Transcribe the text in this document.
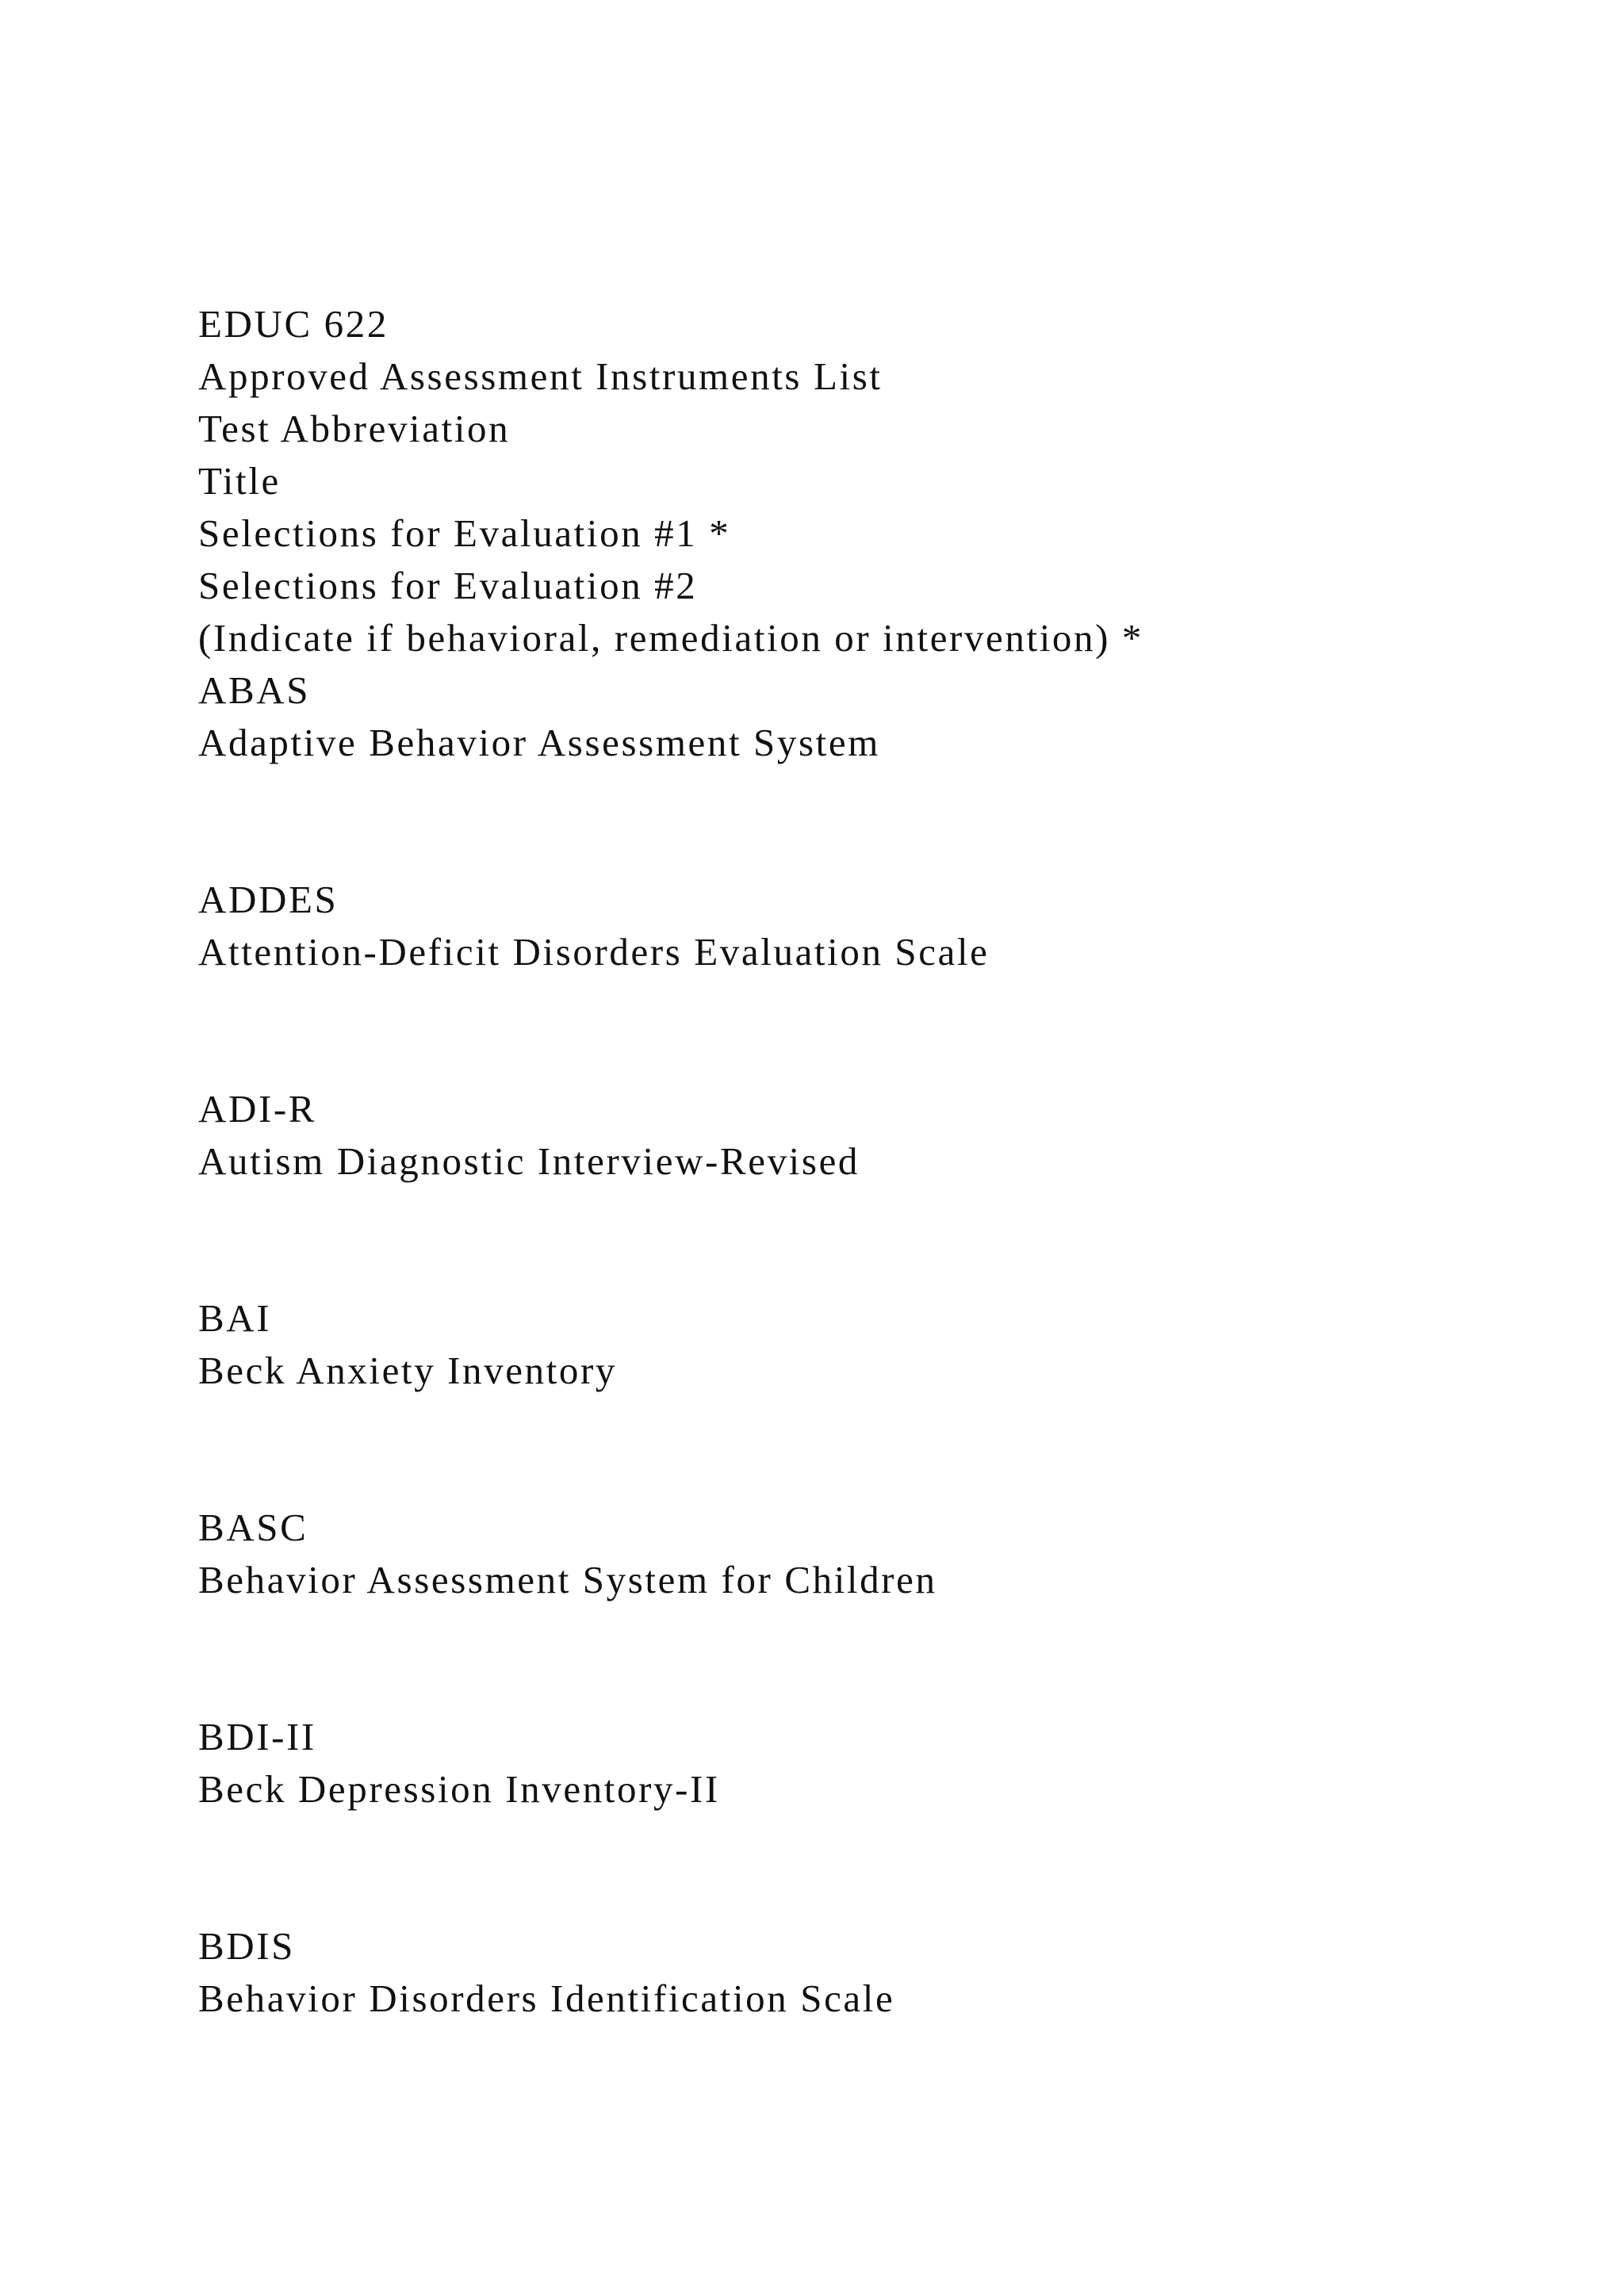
EDUC 622
Approved Assessment Instruments List
Test Abbreviation
Title
Selections for Evaluation #1 *
Selections for Evaluation #2
(Indicate if behavioral, remediation or intervention) *
ABAS
Adaptive Behavior Assessment System
ADDES
Attention-Deficit Disorders Evaluation Scale
ADI-R
Autism Diagnostic Interview-Revised
BAI
Beck Anxiety Inventory
BASC
Behavior Assessment System for Children
BDI-II
Beck Depression Inventory-II
BDIS
Behavior Disorders Identification Scale
